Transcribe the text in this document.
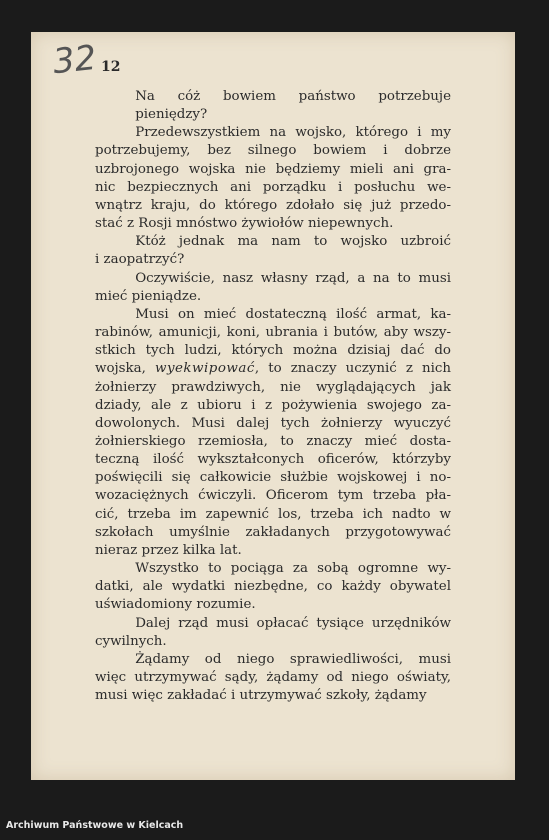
32 12

Na cóż bowiem państwo potrzebuje pieniędzy?

Przedewszystkiem na wojsko, którego i my
potrzebujemy, bez silnego bowiem i dobrze
uzbrojonego wojska nie będziemy mieli ani gra-
nic bezpiecznych ani porządku i posłuchu we-
wnątrz kraju, do którego zdołało się już przedo-
stać z Rosji mnóstwo żywiołów niepewnych.

Któż jednak ma nam to wojsko uzbroić
i zaopatrzyć?

Oczywiście, nasz własny rząd, a na to musi
mieć pieniądze.

Musi on mieć dostateczną ilość armat, ka-
rabinów, amunicji, koni, ubrania i butów, aby wszy-
stkich tych ludzi, których można dzisiaj dać do
wojska, wyekwipować, to znaczy uczynić z nich
żołnierzy prawdziwych, nie wyglądających jak
dziady, ale z ubioru i z pożywienia swojego za-
dowolonych. Musi dalej tych żołnierzy wyuczyć
żołnierskiego rzemiosła, to znaczy mieć dosta-
teczną ilość wykształconych oficerów, którzyby
poświęcili się całkowicie służbie wojskowej i no-
wozaciężnych ćwiczyli. Oficerom tym trzeba pła-
cić, trzeba im zapewnić los, trzeba ich nadto w
szkołach umyślnie zakładanych przygotowywać
nieraz przez kilka lat.

Wszystko to pociąga za sobą ogromne wy-
datki, ale wydatki niezbędne, co każdy obywatel
uświadomiony rozumie.

Dalej rząd musi opłacać tysiące urzędników
cywilnych.

Żądamy od niego sprawiedliwości, musi
więc utrzymywać sądy, żądamy od niego oświaty,
musi więc zakładać i utrzymywać szkoły, żądamy

Archiwum Państwowe w Kielcach
